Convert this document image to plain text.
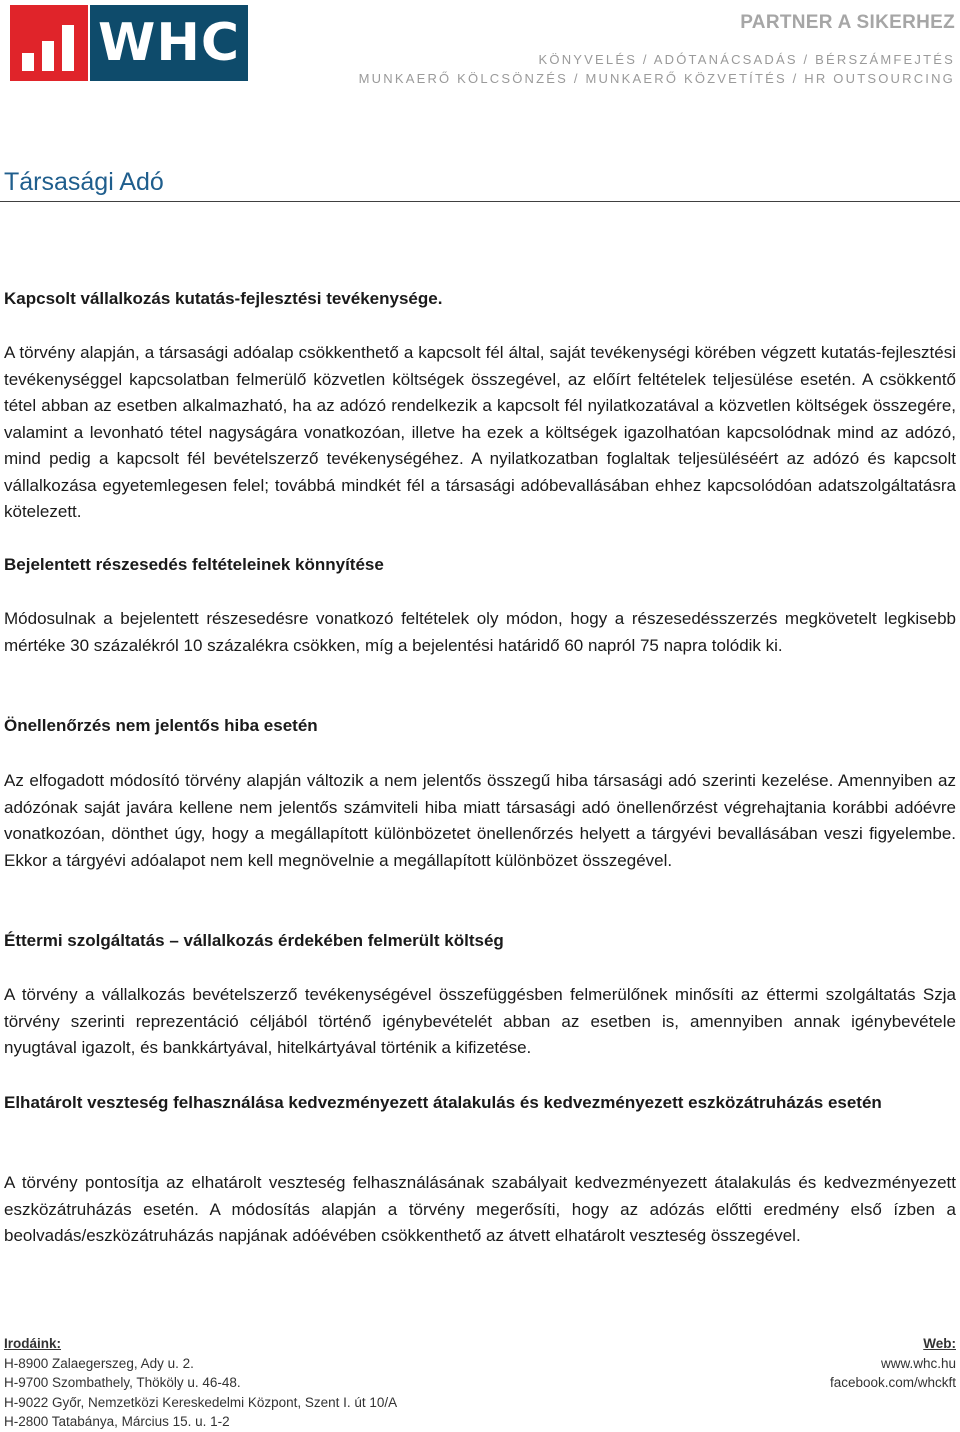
WHC	PARTNER A SIKERHEZ
KÖNYVELÉS / ADÓTANÁCSADÁS / BÉRSZÁMFEJTÉS
MUNKAERŐ KÖLCSÖNZÉS / MUNKAERŐ KÖZVETÍTÉS / HR OUTSOURCING
Társasági Adó

Kapcsolt vállalkozás kutatás-fejlesztési tevékenysége.

A törvény alapján, a társasági adóalap csökkenthető a kapcsolt fél által, saját tevékenységi körében végzett kutatás-fejlesztési tevékenységgel kapcsolatban felmerülő közvetlen költségek összegével, az előírt feltételek teljesülése esetén. A csökkentő tétel abban az esetben alkalmazható, ha az adózó rendelkezik a kapcsolt fél nyilatkozatával a közvetlen költségek összegére, valamint a levonható tétel nagyságára vonatkozóan, illetve ha ezek a költségek igazolhatóan kapcsolódnak mind az adózó, mind pedig a kapcsolt fél bevételszerző tevékenységéhez. A nyilatkozatban foglaltak teljesüléséért az adózó és kapcsolt vállalkozása egyetemlegesen felel; továbbá mindkét fél a társasági adóbevallásában ehhez kapcsolódóan adatszolgáltatásra kötelezett.

Bejelentett részesedés feltételeinek könnyítése

Módosulnak a bejelentett részesedésre vonatkozó feltételek oly módon, hogy a részesedésszerzés megkövetelt legkisebb mértéke 30 százalékról 10 százalékra csökken, míg a bejelentési határidő 60 napról 75 napra tolódik ki.

Önellenőrzés nem jelentős hiba esetén

Az elfogadott módosító törvény alapján változik a nem jelentős összegű hiba társasági adó szerinti kezelése. Amennyiben az adózónak saját javára kellene nem jelentős számviteli hiba miatt társasági adó önellenőrzést végrehajtania korábbi adóévre vonatkozóan, dönthet úgy, hogy a megállapított különbözetet önellenőrzés helyett a tárgyévi bevallásában veszi figyelembe. Ekkor a tárgyévi adóalapot nem kell megnövelnie a megállapított különbözet összegével.

Éttermi szolgáltatás – vállalkozás érdekében felmerült költség

A törvény a vállalkozás bevételszerző tevékenységével összefüggésben felmerülőnek minősíti az éttermi szolgáltatás Szja törvény szerinti reprezentáció céljából történő igénybevételét abban az esetben is, amennyiben annak igénybevétele nyugtával igazolt, és bankkártyával, hitelkártyával történik a kifizetése.

Elhatárolt veszteség felhasználása kedvezményezett átalakulás és kedvezményezett eszközátruházás esetén

A törvény pontosítja az elhatárolt veszteség felhasználásának szabályait kedvezményezett átalakulás és kedvezményezett eszközátruházás esetén. A módosítás alapján a törvény megerősíti, hogy az adózás előtti eredmény első ízben a beolvadás/eszközátruházás napjának adóévében csökkenthető az átvett elhatárolt veszteség összegével.

Irodáink:
H-8900 Zalaegerszeg, Ady u. 2.
H-9700 Szombathely, Thököly u. 46-48.
H-9022 Győr, Nemzetközi Kereskedelmi Központ, Szent I. út 10/A
H-2800 Tatabánya, Március 15. u. 1-2
Web:
www.whc.hu
facebook.com/whckft
